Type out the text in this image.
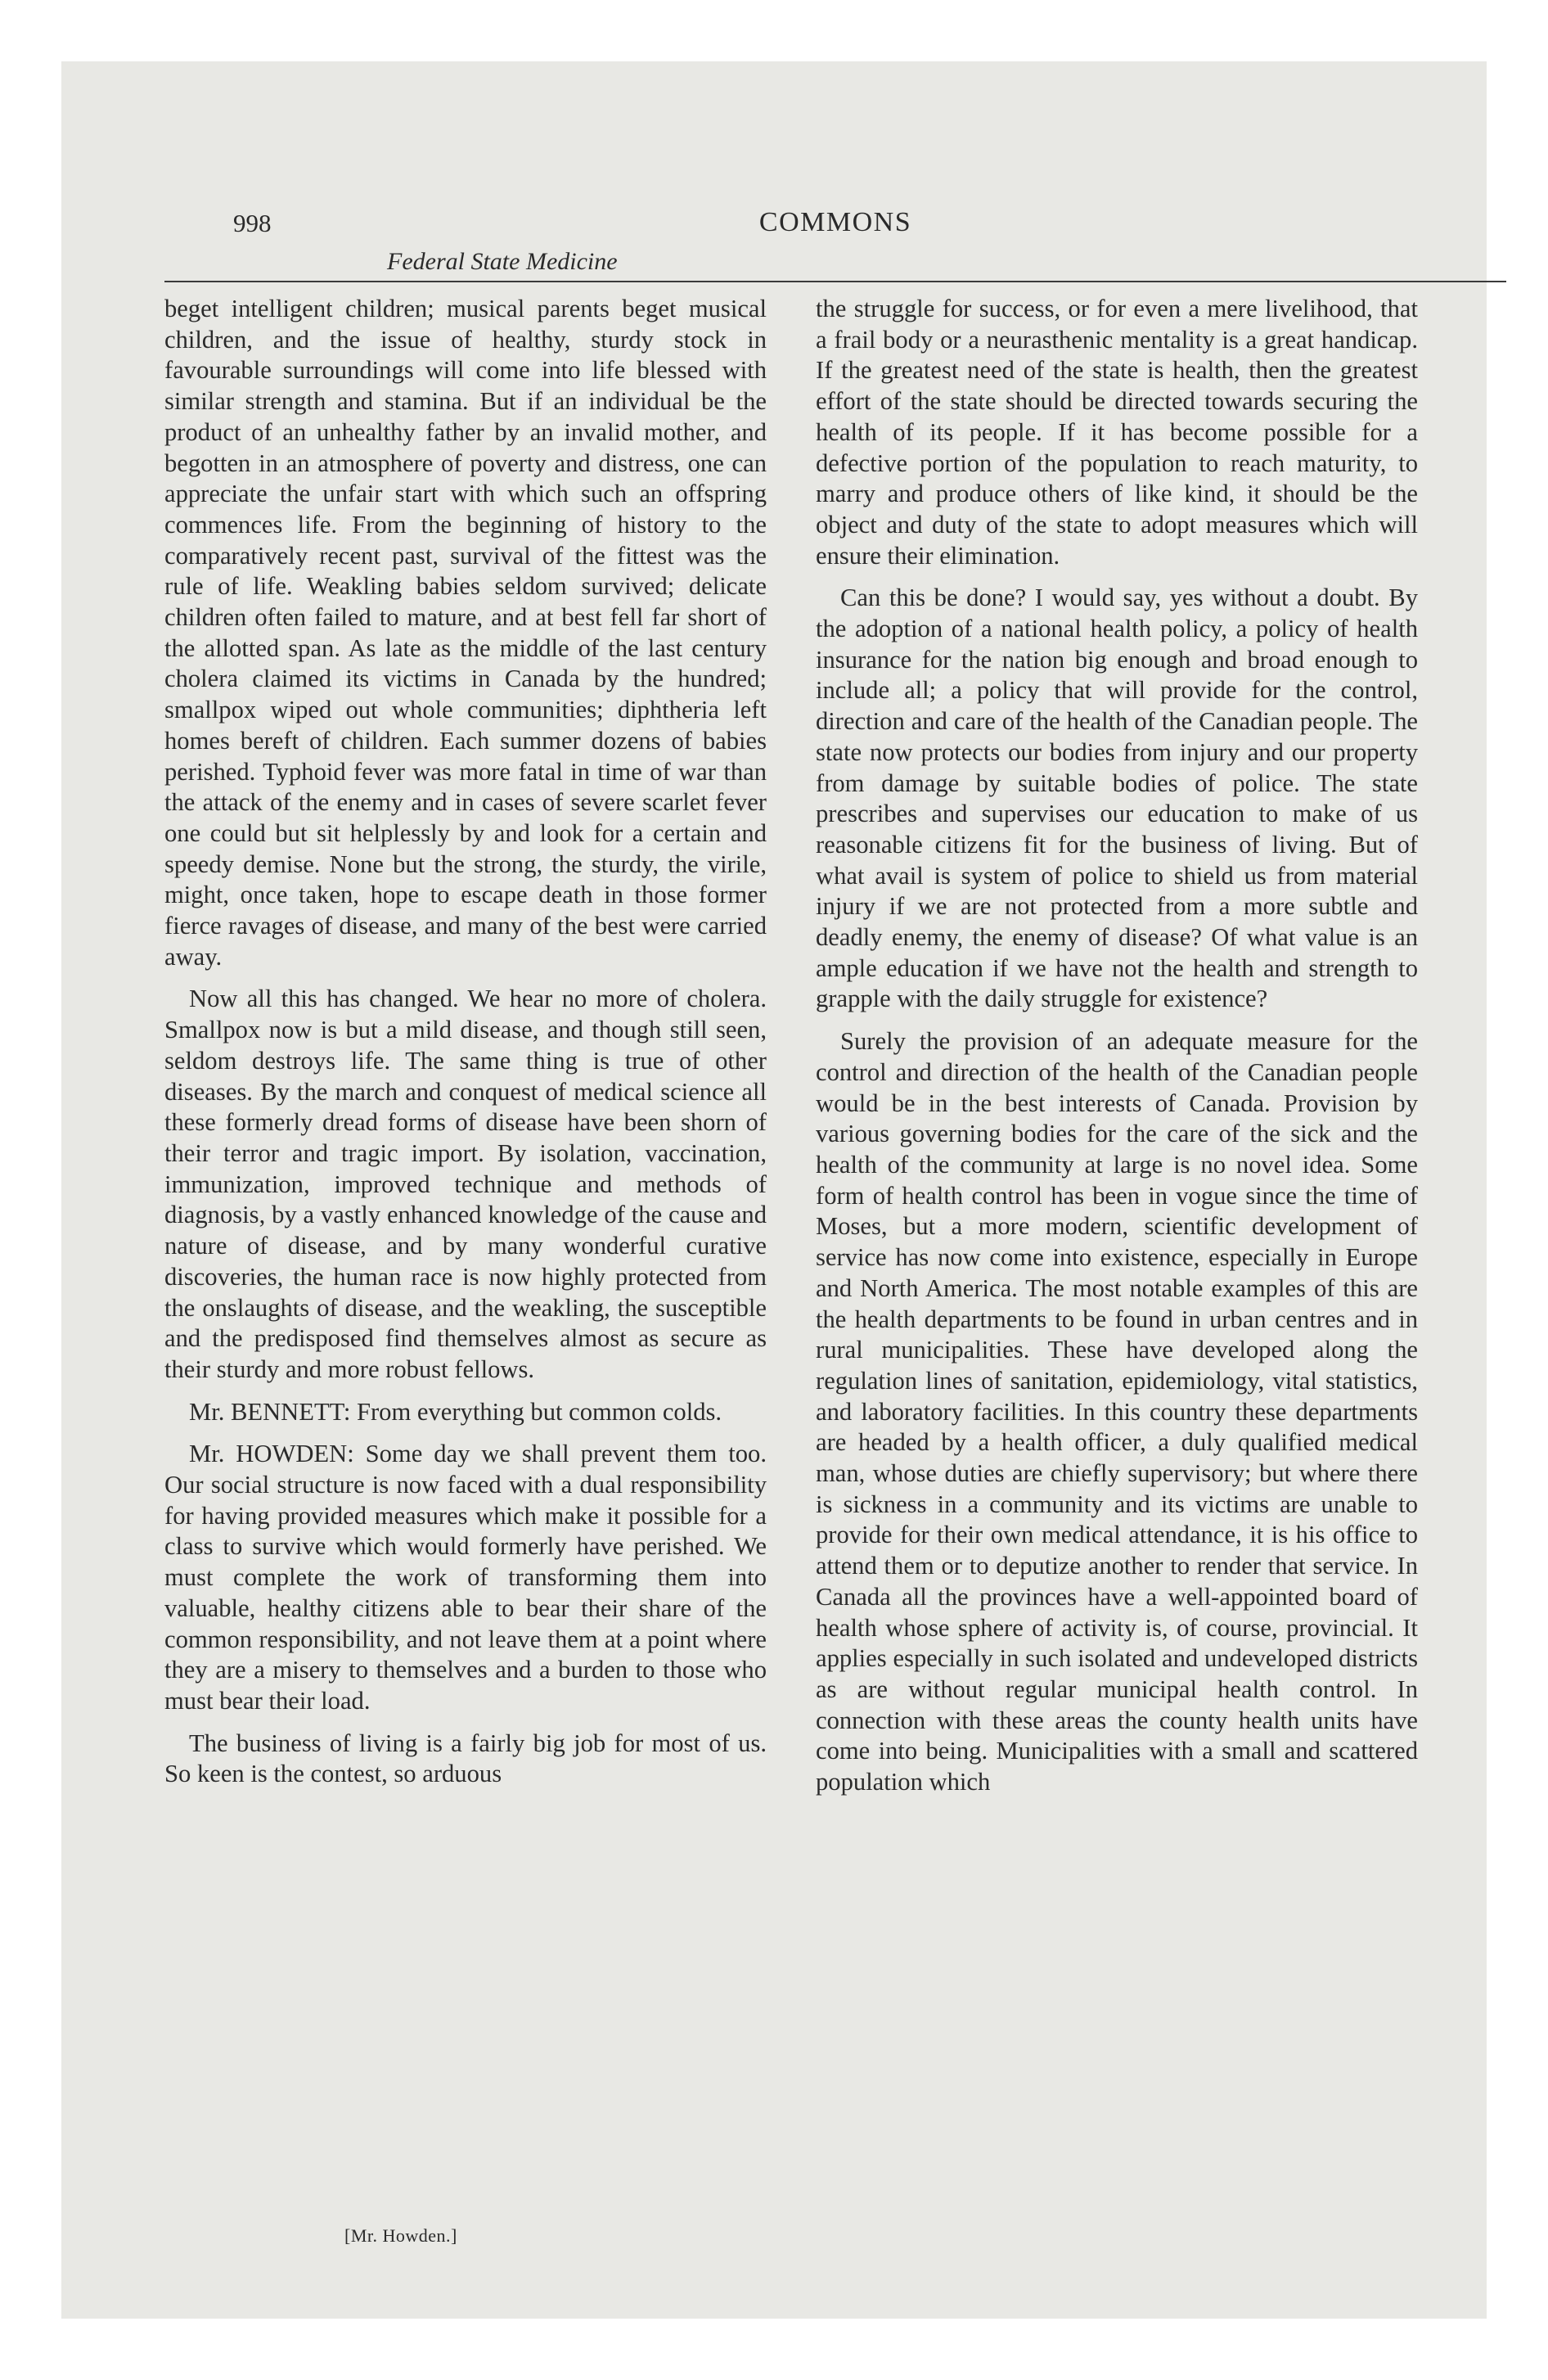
998	COMMONS
Federal State Medicine

beget intelligent children; musical parents beget musical children, and the issue of healthy, sturdy stock in favourable surroundings will come into life blessed with similar strength and stamina. But if an individual be the product of an unhealthy father by an invalid mother, and begotten in an atmosphere of poverty and distress, one can appreciate the unfair start with which such an offspring commences life. From the beginning of history to the comparatively recent past, survival of the fittest was the rule of life. Weakling babies seldom survived; delicate children often failed to mature, and at best fell far short of the allotted span. As late as the middle of the last century cholera claimed its victims in Canada by the hundred; smallpox wiped out whole communities; diphtheria left homes bereft of children. Each summer dozens of babies perished. Typhoid fever was more fatal in time of war than the attack of the enemy and in cases of severe scarlet fever one could but sit helplessly by and look for a certain and speedy demise. None but the strong, the sturdy, the virile, might, once taken, hope to escape death in those former fierce ravages of disease, and many of the best were carried away.

Now all this has changed. We hear no more of cholera. Smallpox now is but a mild disease, and though still seen, seldom destroys life. The same thing is true of other diseases. By the march and conquest of medical science all these formerly dread forms of disease have been shorn of their terror and tragic import. By isolation, vaccination, immunization, improved technique and methods of diagnosis, by a vastly enhanced knowledge of the cause and nature of disease, and by many wonderful curative discoveries, the human race is now highly protected from the onslaughts of disease, and the weakling, the susceptible and the predisposed find themselves almost as secure as their sturdy and more robust fellows.

Mr. BENNETT: From everything but common colds.

Mr. HOWDEN: Some day we shall prevent them too. Our social structure is now faced with a dual responsibility for having provided measures which make it possible for a class to survive which would formerly have perished. We must complete the work of transforming them into valuable, healthy citizens able to bear their share of the common responsibility, and not leave them at a point where they are a misery to themselves and a burden to those who must bear their load.

The business of living is a fairly big job for most of us. So keen is the contest, so arduous

the struggle for success, or for even a mere livelihood, that a frail body or a neurasthenic mentality is a great handicap. If the greatest need of the state is health, then the greatest effort of the state should be directed towards securing the health of its people. If it has become possible for a defective portion of the population to reach maturity, to marry and produce others of like kind, it should be the object and duty of the state to adopt measures which will ensure their elimination.

Can this be done? I would say, yes without a doubt. By the adoption of a national health policy, a policy of health insurance for the nation big enough and broad enough to include all; a policy that will provide for the control, direction and care of the health of the Canadian people. The state now protects our bodies from injury and our property from damage by suitable bodies of police. The state prescribes and supervises our education to make of us reasonable citizens fit for the business of living. But of what avail is system of police to shield us from material injury if we are not protected from a more subtle and deadly enemy, the enemy of disease? Of what value is an ample education if we have not the health and strength to grapple with the daily struggle for existence?

Surely the provision of an adequate measure for the control and direction of the health of the Canadian people would be in the best interests of Canada. Provision by various governing bodies for the care of the sick and the health of the community at large is no novel idea. Some form of health control has been in vogue since the time of Moses, but a more modern, scientific development of service has now come into existence, especially in Europe and North America. The most notable examples of this are the health departments to be found in urban centres and in rural municipalities. These have developed along the regulation lines of sanitation, epidemiology, vital statistics, and laboratory facilities. In this country these departments are headed by a health officer, a duly qualified medical man, whose duties are chiefly supervisory; but where there is sickness in a community and its victims are unable to provide for their own medical attendance, it is his office to attend them or to deputize another to render that service. In Canada all the provinces have a well-appointed board of health whose sphere of activity is, of course, provincial. It applies especially in such isolated and undeveloped districts as are without regular municipal health control. In connection with these areas the county health units have come into being. Municipalities with a small and scattered population which

[Mr. Howden.]
